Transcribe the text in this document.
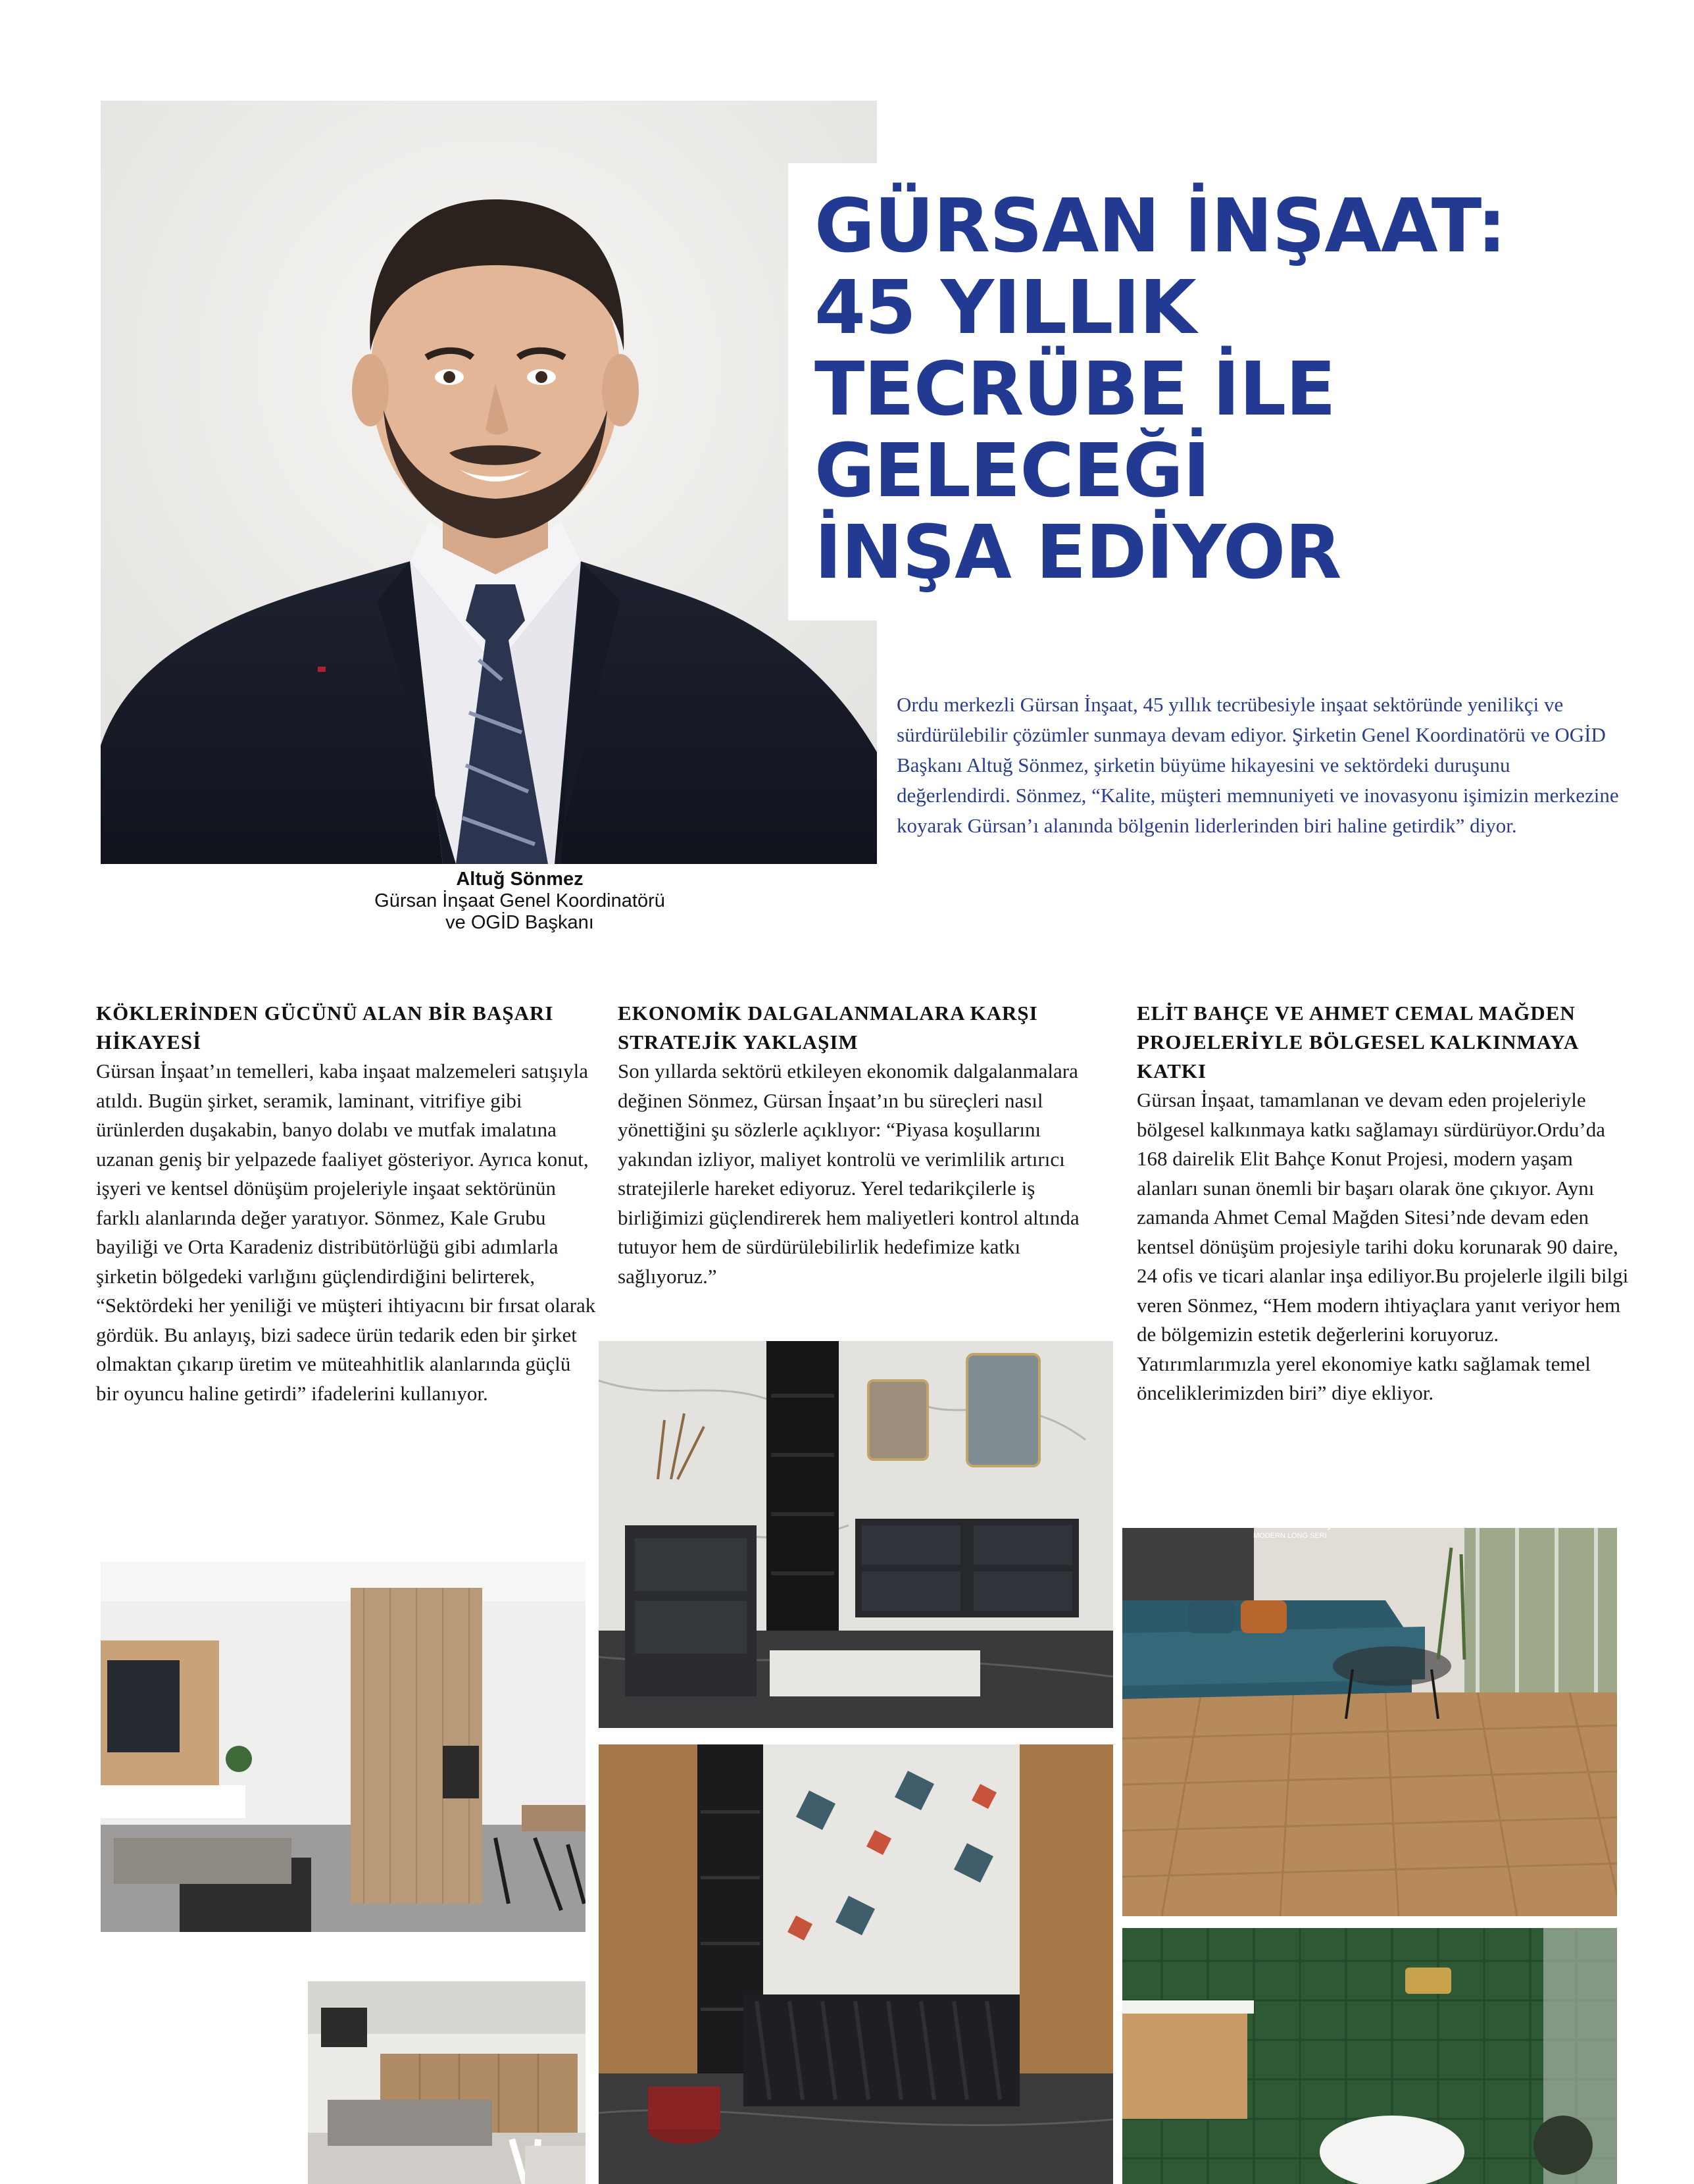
GÜRSAN İNŞAAT:
45 YILLIK
TECRÜBE İLE
GELECEĞİ
İNŞA EDİYOR
Altuğ Sönmez
Gürsan İnşaat Genel Koordinatörü
ve OGİD Başkanı

Ordu merkezli Gürsan İnşaat, 45 yıllık tecrübesiyle inşaat sektöründe yenilikçi ve sürdürülebilir çözümler sunmaya devam ediyor. Şirketin Genel Koordinatörü ve OGİD Başkanı Altuğ Sönmez, şirketin büyüme hikayesini ve sektördeki duruşunu değerlendirdi. Sönmez, “Kalite, müşteri memnuniyeti ve inovasyonu işimizin merkezine koyarak Gürsan’ı alanında bölgenin liderlerinden biri haline getirdik” diyor.

KÖKLERİNDEN GÜCÜNÜ ALAN BİR BAŞARI HİKAYESİ

Gürsan İnşaat’ın temelleri, kaba inşaat malzemeleri satışıyla atıldı. Bugün şirket, seramik, laminant, vitrifiye gibi ürünlerden duşakabin, banyo dolabı ve mutfak imalatına uzanan geniş bir yelpazede faaliyet gösteriyor. Ayrıca konut, işyeri ve kentsel dönüşüm projeleriyle inşaat sektörünün farklı alanlarında değer yaratıyor. Sönmez, Kale Grubu bayiliği ve Orta Karadeniz distribütörlüğü gibi adımlarla şirketin bölgedeki varlığını güçlendirdiğini belirterek, “Sektördeki her yeniliği ve müşteri ihtiyacını bir fırsat olarak gördük. Bu anlayış, bizi sadece ürün tedarik eden bir şirket olmaktan çıkarıp üretim ve müteahhitlik alanlarında güçlü bir oyuncu haline getirdi” ifadelerini kullanıyor.

EKONOMİK DALGALANMALARA KARŞI STRATEJİK YAKLAŞIM

Son yıllarda sektörü etkileyen ekonomik dalgalanmalara değinen Sönmez, Gürsan İnşaat’ın bu süreçleri nasıl yönettiğini şu sözlerle açıklıyor: “Piyasa koşullarını yakından izliyor, maliyet kontrolü ve verimlilik artırıcı stratejilerle hareket ediyoruz. Yerel tedarikçilerle iş birliğimizi güçlendirerek hem maliyetleri kontrol altında tutuyor hem de sürdürülebilirlik hedefimize katkı sağlıyoruz.”

ELİT BAHÇE VE AHMET CEMAL MAĞDEN PROJELERİYLE BÖLGESEL KALKINMAYA KATKI

Gürsan İnşaat, tamamlanan ve devam eden projeleriyle bölgesel kalkınmaya katkı sağlamayı sürdürüyor.Ordu’da 168 dairelik Elit Bahçe Konut Projesi, modern yaşam alanları sunan önemli bir başarı olarak öne çıkıyor. Aynı zamanda Ahmet Cemal Mağden Sitesi’nde devam eden kentsel dönüşüm projesiyle tarihi doku korunarak 90 daire, 24 ofis ve ticari alanlar inşa ediliyor.Bu projelerle ilgili bilgi veren Sönmez, “Hem modern ihtiyaçlara yanıt veriyor hem de bölgemizin estetik değerlerini koruyoruz. Yatırımlarımızla yerel ekonomiye katkı sağlamak temel önceliklerimizden biri” diye ekliyor.

722
Balkan Meşe
MODERN LONG SERİ
